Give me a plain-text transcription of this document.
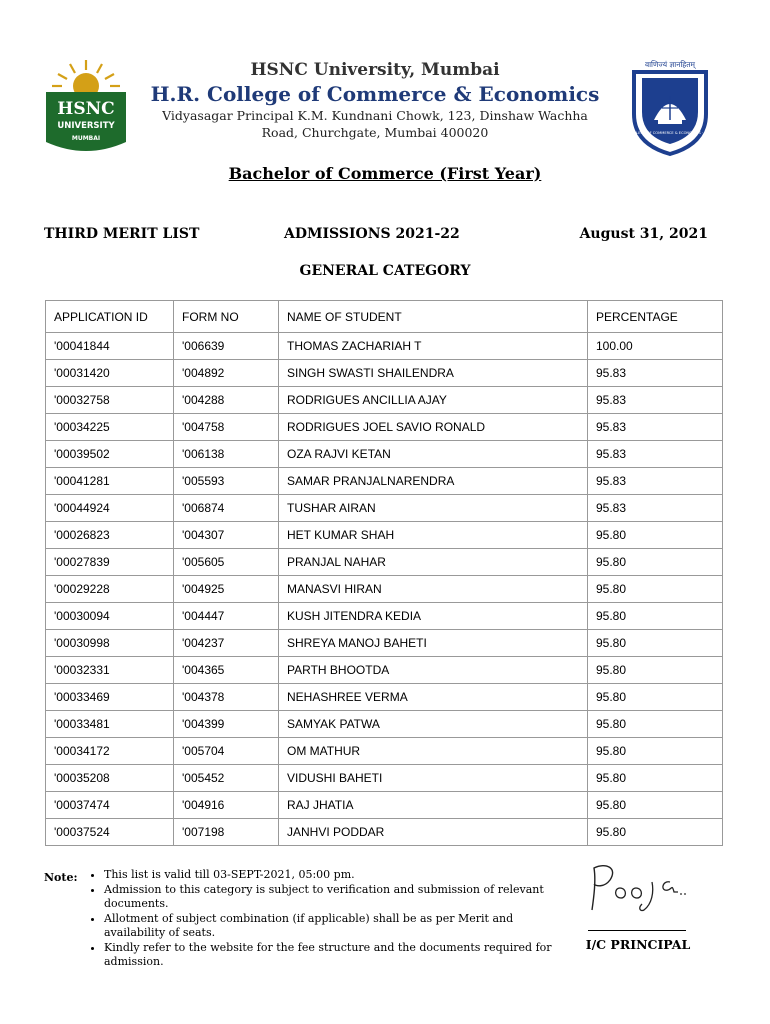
HSNC
UNIVERSITY
MUMBAI
HSNC University, Mumbai
H.R. College of Commerce & Economics
Vidyasagar Principal K.M. Kundnani Chowk, 123, Dinshaw Wachha
Road, Churchgate, Mumbai 400020
वाणिज्यं ज्ञानहितम्
H.R. COLLEGE OF COMMERCE & ECONOMICS · BOMBAY
Bachelor of Commerce (First Year)
THIRD MERIT LIST	ADMISSIONS 2021-22	August 31, 2021
GENERAL CATEGORY
APPLICATION ID	FORM NO	NAME OF STUDENT	PERCENTAGE
'00041844	'006639	THOMAS ZACHARIAH T	100.00
'00031420	'004892	SINGH SWASTI SHAILENDRA	95.83
'00032758	'004288	RODRIGUES ANCILLIA AJAY	95.83
'00034225	'004758	RODRIGUES JOEL SAVIO RONALD	95.83
'00039502	'006138	OZA RAJVI KETAN	95.83
'00041281	'005593	SAMAR PRANJALNARENDRA	95.83
'00044924	'006874	TUSHAR AIRAN	95.83
'00026823	'004307	HET KUMAR SHAH	95.80
'00027839	'005605	PRANJAL NAHAR	95.80
'00029228	'004925	MANASVI HIRAN	95.80
'00030094	'004447	KUSH JITENDRA KEDIA	95.80
'00030998	'004237	SHREYA MANOJ BAHETI	95.80
'00032331	'004365	PARTH BHOOTDA	95.80
'00033469	'004378	NEHASHREE VERMA	95.80
'00033481	'004399	SAMYAK PATWA	95.80
'00034172	'005704	OM MATHUR	95.80
'00035208	'005452	VIDUSHI BAHETI	95.80
'00037474	'004916	RAJ JHATIA	95.80
'00037524	'007198	JANHVI PODDAR	95.80
Note: • This list is valid till 03-SEPT-2021, 05:00 pm.
• Admission to this category is subject to verification and submission of relevant documents.
• Allotment of subject combination (if applicable) shall be as per Merit and availability of seats.
• Kindly refer to the website for the fee structure and the documents required for admission.
I/C PRINCIPAL
